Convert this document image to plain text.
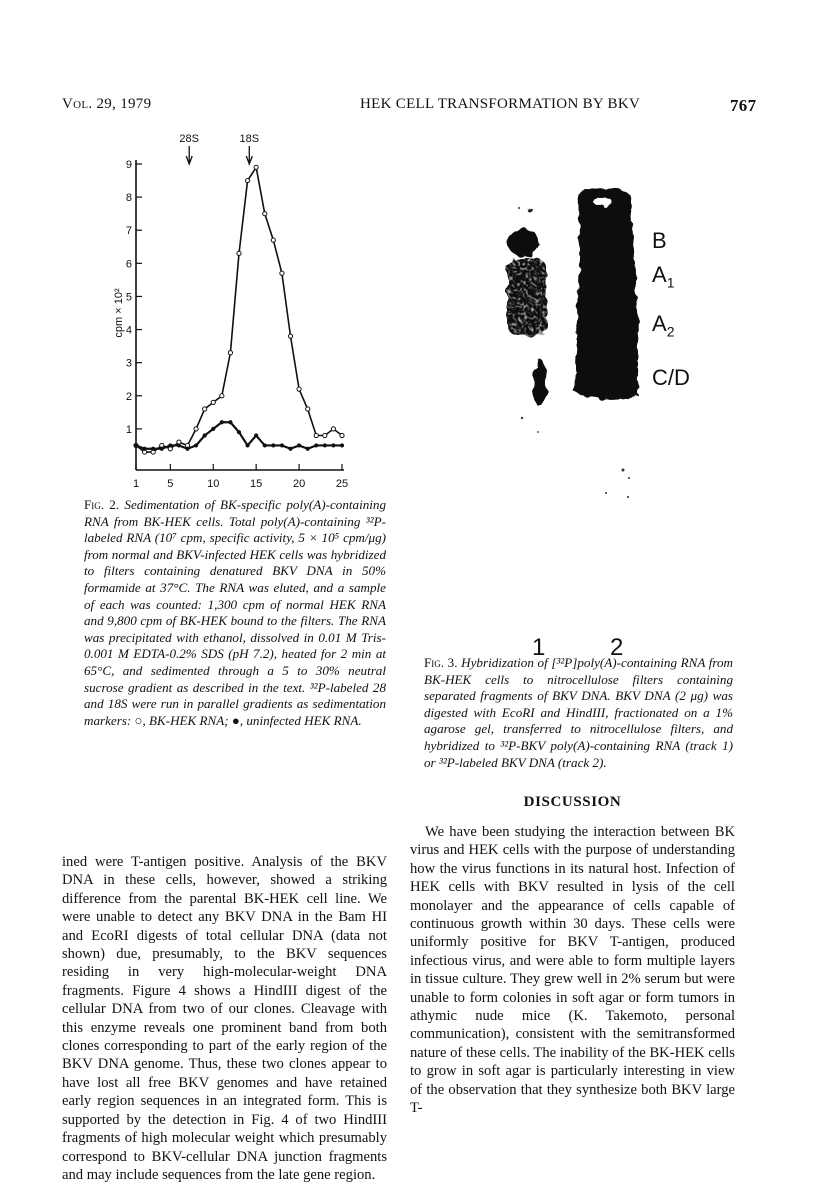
Vol. 29, 1979	HEK CELL TRANSFORMATION BY BKV	767
1
2
3
4
5
6
7
8
9
1	5	10	15	20	25
cpm × 10²
28S	18S
B
$A_1$
$A_2$
C/D
1	2
Fig. 2. Sedimentation of BK-specific poly(A)-containing RNA from BK-HEK cells. Total poly(A)-containing ³²P-labeled RNA (10⁷ cpm, specific activity, 5 × 10⁵ cpm/μg) from normal and BKV-infected HEK cells was hybridized to filters containing denatured BKV DNA in 50% formamide at 37°C. The RNA was eluted, and a sample of each was counted: 1,300 cpm of normal HEK RNA and 9,800 cpm of BK-HEK bound to the filters. The RNA was precipitated with ethanol, dissolved in 0.01 M Tris-0.001 M EDTA-0.2% SDS (pH 7.2), heated for 2 min at 65°C, and sedimented through a 5 to 30% neutral sucrose gradient as described in the text. ³²P-labeled 28 and 18S were run in parallel gradients as sedimentation markers: ○, BK-HEK RNA; ●, uninfected HEK RNA.
Fig. 3. Hybridization of [³²P]poly(A)-containing RNA from BK-HEK cells to nitrocellulose filters containing separated fragments of BKV DNA. BKV DNA (2 μg) was digested with EcoRI and HindIII, fractionated on a 1% agarose gel, transferred to nitrocellulose filters, and hybridized to ³²P-BKV poly(A)-containing RNA (track 1) or ³²P-labeled BKV DNA (track 2).
ined were T-antigen positive. Analysis of the BKV DNA in these cells, however, showed a striking difference from the parental BK-HEK cell line. We were unable to detect any BKV DNA in the Bam HI and EcoRI digests of total cellular DNA (data not shown) due, presumably, to the BKV sequences residing in very high-molecular-weight DNA fragments. Figure 4 shows a HindIII digest of the cellular DNA from two of our clones. Cleavage with this enzyme reveals one prominent band from both clones corresponding to part of the early region of the BKV DNA genome. Thus, these two clones appear to have lost all free BKV genomes and have retained early region sequences in an integrated form. This is supported by the detection in Fig. 4 of two HindIII fragments of high molecular weight which presumably correspond to BKV-cellular DNA junction fragments and may include sequences from the late gene region.
DISCUSSION
We have been studying the interaction between BK virus and HEK cells with the purpose of understanding how the virus functions in its natural host. Infection of HEK cells with BKV resulted in lysis of the cell monolayer and the appearance of cells capable of continuous growth within 30 days. These cells were uniformly positive for BKV T-antigen, produced infectious virus, and were able to form multiple layers in tissue culture. They grew well in 2% serum but were unable to form colonies in soft agar or form tumors in athymic nude mice (K. Takemoto, personal communication), consistent with the semitransformed nature of these cells. The inability of the BK-HEK cells to grow in soft agar is particularly interesting in view of the observation that they synthesize both BKV large T-
